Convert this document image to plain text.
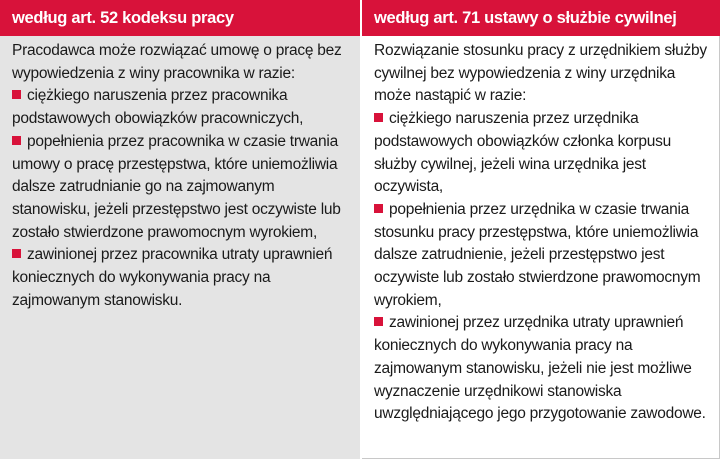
według art. 52 kodeksu pracy	według art. 71 ustawy o służbie cywilnej

Pracodawca może rozwiązać umowę o pracę bez wypowiedzenia z winy pracownika w razie:

ciężkiego naruszenia przez pracownika podstawowych obowiązków pracowniczych,
popełnienia przez pracownika w czasie trwania umowy o pracę przestępstwa, które uniemożliwia dalsze zatrudnianie go na zajmowanym stanowisku, jeżeli przestępstwo jest oczywiste lub zostało stwierdzone prawomocnym wyrokiem,
zawinionej przez pracownika utraty uprawnień koniecznych do wykonywania pracy na zajmowanym stanowisku.

Rozwiązanie stosunku pracy z urzędnikiem służby cywilnej bez wypowiedzenia z winy urzędnika może nastąpić w razie:

ciężkiego naruszenia przez urzędnika podstawowych obowiązków członka korpusu służby cywilnej, jeżeli wina urzędnika jest oczywista,
popełnienia przez urzędnika w czasie trwania stosunku pracy przestępstwa, które uniemożliwia dalsze zatrudnienie, jeżeli przestępstwo jest oczywiste lub zostało stwierdzone prawomocnym wyrokiem,
zawinionej przez urzędnika utraty uprawnień koniecznych do wykonywania pracy na zajmowanym stanowisku, jeżeli nie jest możliwe wyznaczenie urzędnikowi stanowiska uwzględniającego jego przygotowanie zawodowe.
